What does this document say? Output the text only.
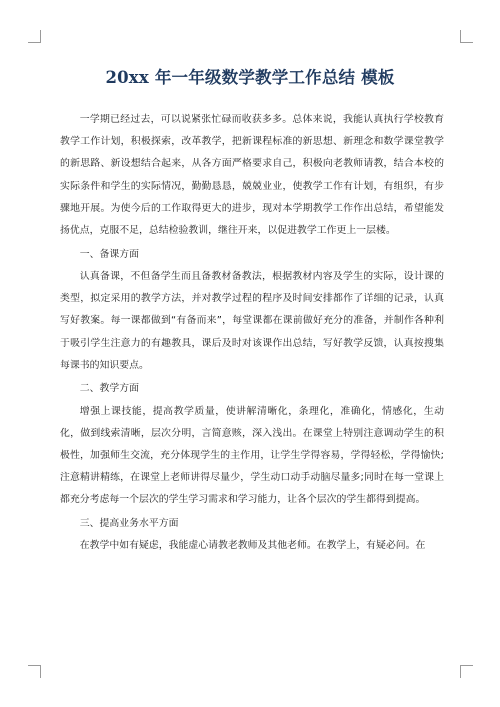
20xx 年一年级数学教学工作总结 模板

一学期已经过去，可以说紧张忙碌而收获多多。总体来说，我能认真执行学校教育教学工作计划，积极探索，改革教学，把新课程标准的新思想、新理念和数学课堂教学的新思路、新设想结合起来，从各方面严格要求自己，积极向老教师请教，结合本校的实际条件和学生的实际情况，勤勤恳恳，兢兢业业，使教学工作有计划，有组织，有步骤地开展。为使今后的工作取得更大的进步，现对本学期教学工作作出总结，希望能发扬优点，克服不足，总结检验教训，继往开来，以促进教学工作更上一层楼。

一、备课方面

认真备课，不但备学生而且备教材备教法，根据教材内容及学生的实际，设计课的类型，拟定采用的教学方法，并对教学过程的程序及时间安排都作了详细的记录，认真写好教案。每一课都做到“有备而来”，每堂课都在课前做好充分的准备，并制作各种利于吸引学生注意力的有趣教具，课后及时对该课作出总结，写好教学反馈，认真按搜集每课书的知识要点。

二、教学方面

增强上课技能，提高教学质量，使讲解清晰化，条理化，准确化，情感化，生动化，做到线索清晰，层次分明，言简意赅，深入浅出。在课堂上特别注意调动学生的积极性，加强师生交流，充分体现学生的主作用，让学生学得容易，学得轻松，学得愉快;注意精讲精练，在课堂上老师讲得尽量少，学生动口动手动脑尽量多;同时在每一堂课上都充分考虑每一个层次的学生学习需求和学习能力，让各个层次的学生都得到提高。

三、提高业务水平方面

在教学中如有疑虑，我能虚心请教老教师及其他老师。在教学上，有疑必问。在
